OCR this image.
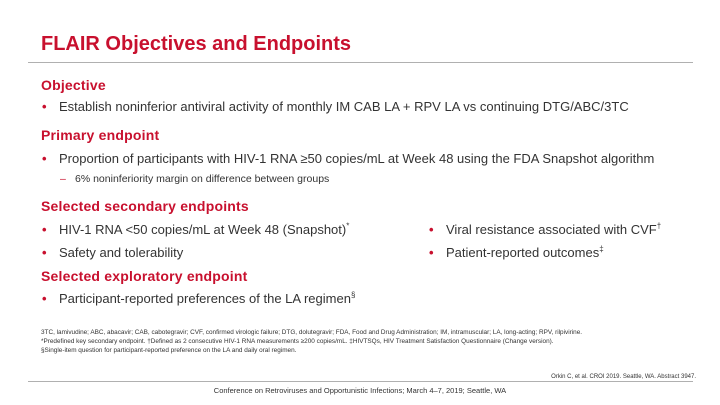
FLAIR Objectives and Endpoints
Objective
• Establish noninferior antiviral activity of monthly IM CAB LA + RPV LA vs continuing DTG/ABC/3TC
Primary endpoint
• Proportion of participants with HIV-1 RNA ≥50 copies/mL at Week 48 using the FDA Snapshot algorithm
– 6% noninferiority margin on difference between groups
Selected secondary endpoints
• HIV-1 RNA <50 copies/mL at Week 48 (Snapshot)*
• Safety and tolerability
• Viral resistance associated with CVF†
• Patient-reported outcomes‡
Selected exploratory endpoint
• Participant-reported preferences of the LA regimen§
3TC, lamivudine; ABC, abacavir; CAB, cabotegravir; CVF, confirmed virologic failure; DTG, dolutegravir; FDA, Food and Drug Administration; IM, intramuscular; LA, long-acting; RPV, rilpivirine.
*Predefined key secondary endpoint. †Defined as 2 consecutive HIV-1 RNA measurements ≥200 copies/mL. ‡HIVTSQs, HIV Treatment Satisfaction Questionnaire (Change version).
§Single-item question for participant-reported preference on the LA and daily oral regimen.
Orkin C, et al. CROI 2019. Seattle, WA. Abstract 3947.
Conference on Retroviruses and Opportunistic Infections; March 4–7, 2019; Seattle, WA
